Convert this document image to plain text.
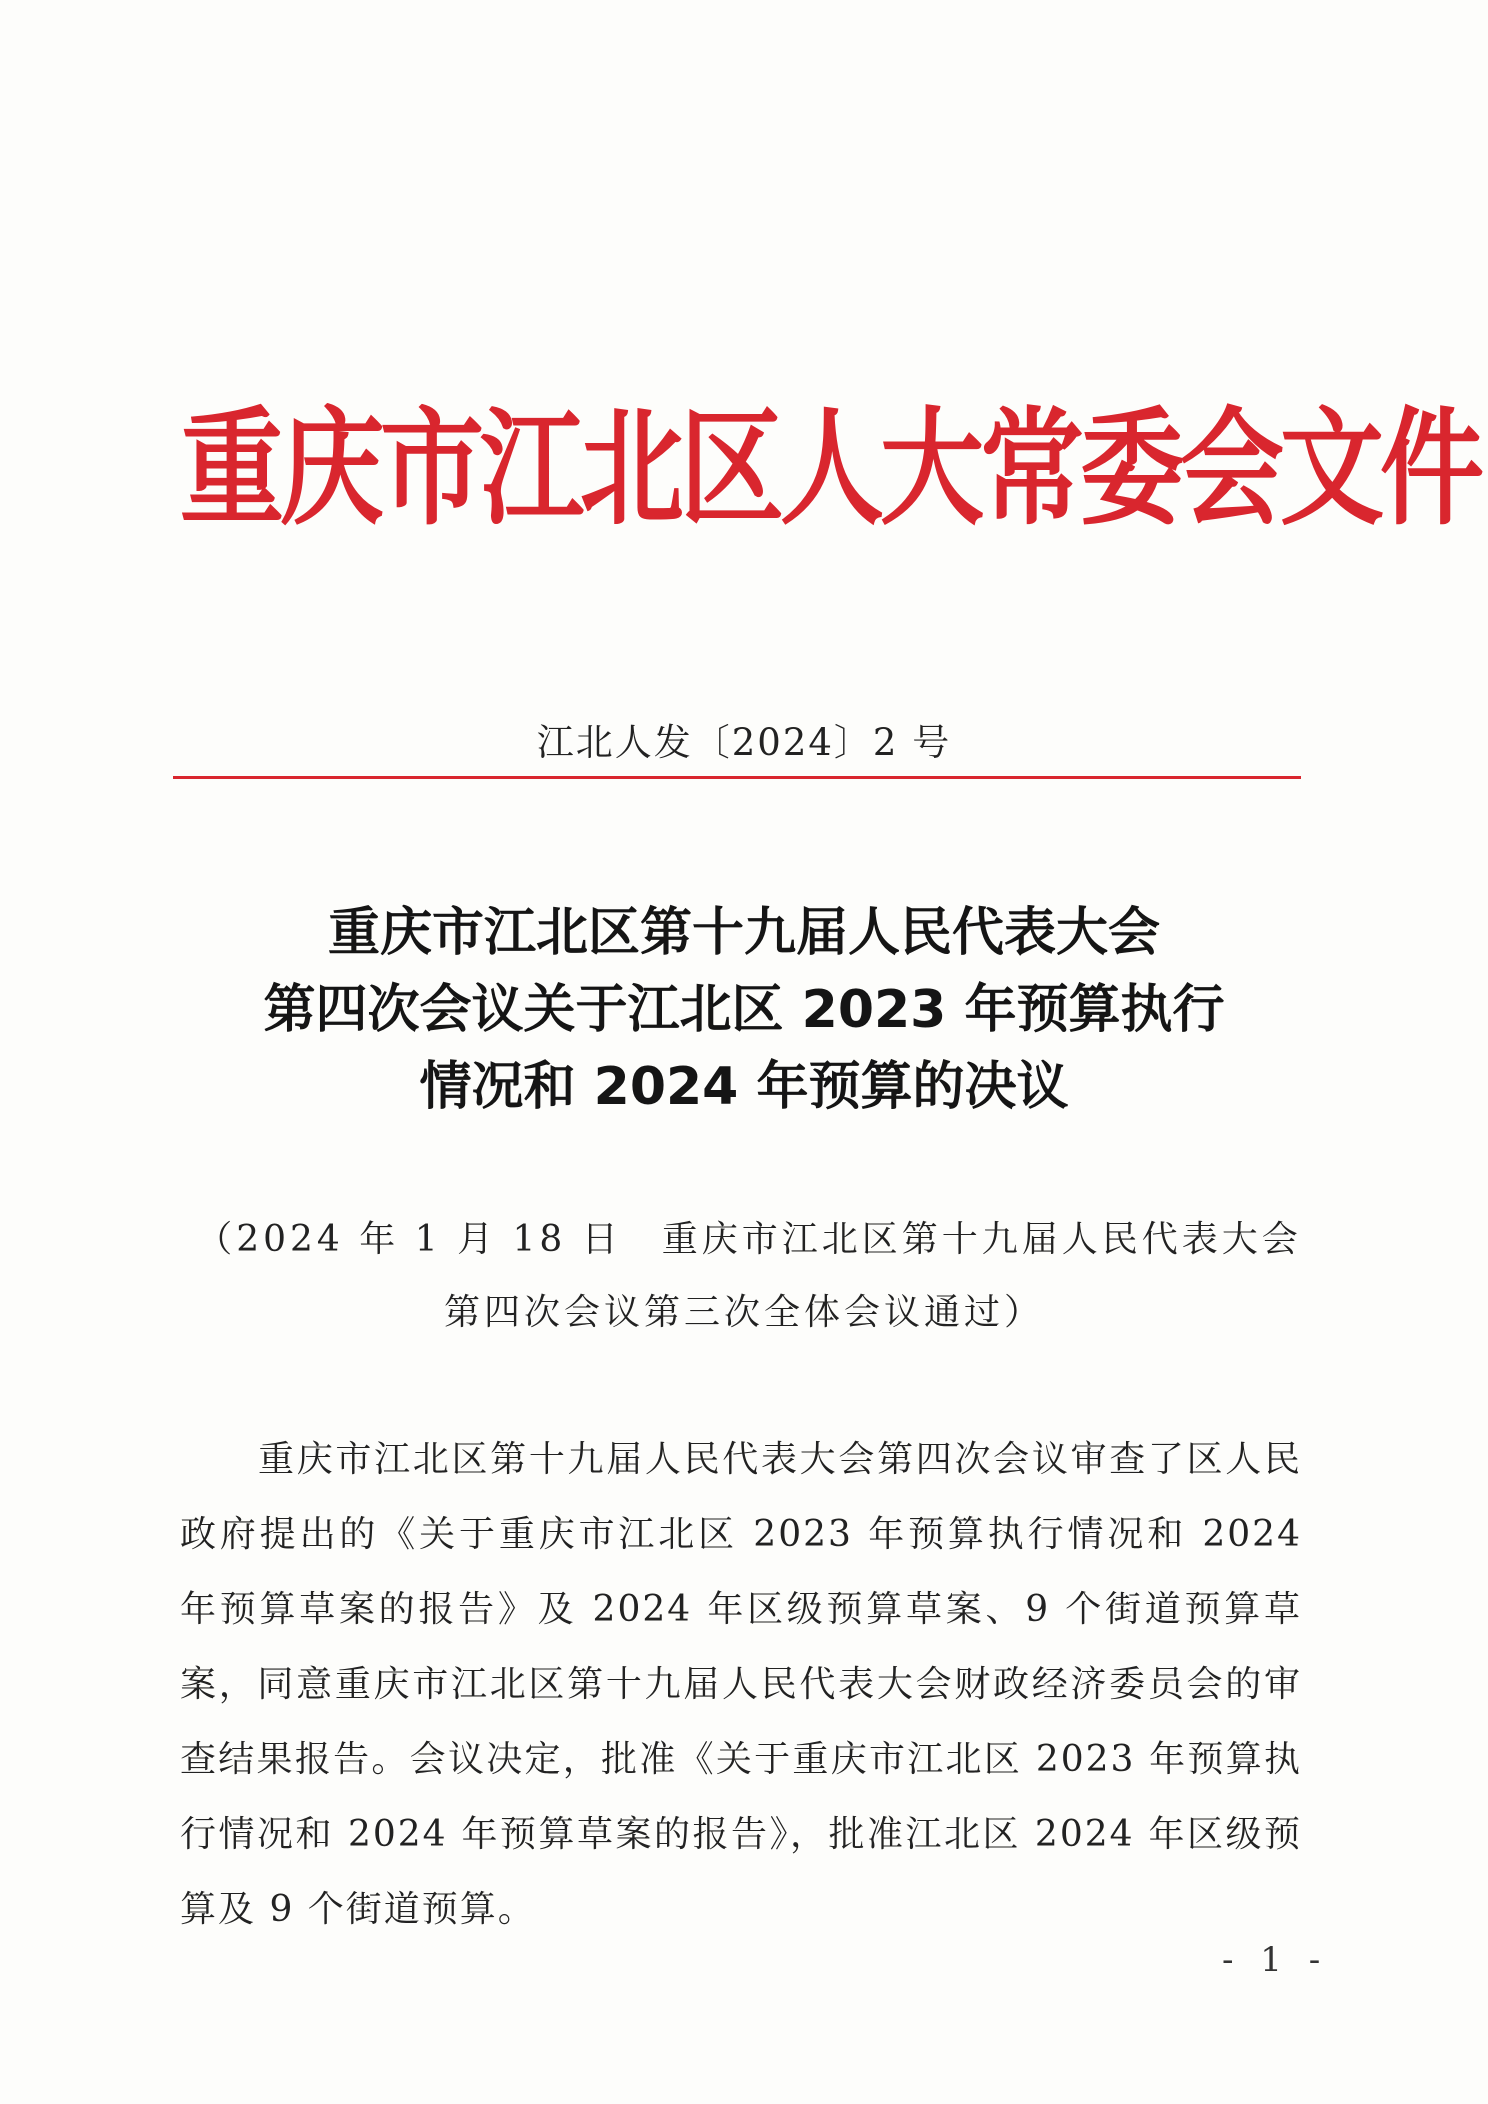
重庆市江北区人大常委会文件
江北人发〔2024〕2 号
重庆市江北区第十九届人民代表大会
第四次会议关于江北区 2023 年预算执行
情况和 2024 年预算的决议
（2024 年 1 月 18 日　重庆市江北区第十九届人民代表大会
第四次会议第三次全体会议通过）
重庆市江北区第十九届人民代表大会第四次会议审查了区人民政府提出的《关于重庆市江北区 2023 年预算执行情况和 2024 年预算草案的报告》及 2024 年区级预算草案、9 个街道预算草案，同意重庆市江北区第十九届人民代表大会财政经济委员会的审查结果报告。会议决定，批准《关于重庆市江北区 2023 年预算执行情况和 2024 年预算草案的报告》，批准江北区 2024 年区级预算及 9 个街道预算。
- 1 -
